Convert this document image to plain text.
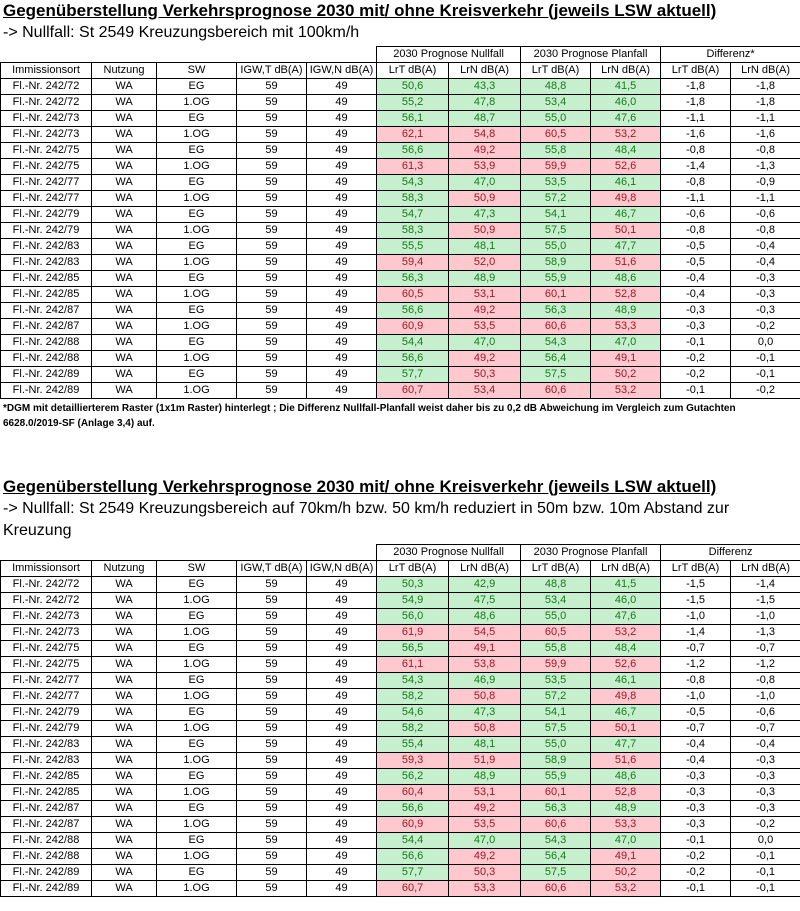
Gegenüberstellung Verkehrsprognose 2030 mit/ ohne Kreisverkehr (jeweils LSW aktuell)
-> Nullfall: St 2549 Kreuzungsbereich mit 100km/h
					2030 Prognose Nullfall		2030 Prognose Planfall		Differenz*	
Immissionsort	Nutzung	SW	IGW,T dB(A)	IGW,N dB(A)	LrT dB(A)	LrN dB(A)	LrT dB(A)	LrN dB(A)	LrT dB(A)	LrN dB(A)
Fl.-Nr. 242/72	WA	EG	59	49	50,6	43,3	48,8	41,5	-1,8	-1,8
Fl.-Nr. 242/72	WA	1.OG	59	49	55,2	47,8	53,4	46,0	-1,8	-1,8
Fl.-Nr. 242/73	WA	EG	59	49	56,1	48,7	55,0	47,6	-1,1	-1,1
Fl.-Nr. 242/73	WA	1.OG	59	49	62,1	54,8	60,5	53,2	-1,6	-1,6
Fl.-Nr. 242/75	WA	EG	59	49	56,6	49,2	55,8	48,4	-0,8	-0,8
Fl.-Nr. 242/75	WA	1.OG	59	49	61,3	53,9	59,9	52,6	-1,4	-1,3
Fl.-Nr. 242/77	WA	EG	59	49	54,3	47,0	53,5	46,1	-0,8	-0,9
Fl.-Nr. 242/77	WA	1.OG	59	49	58,3	50,9	57,2	49,8	-1,1	-1,1
Fl.-Nr. 242/79	WA	EG	59	49	54,7	47,3	54,1	46,7	-0,6	-0,6
Fl.-Nr. 242/79	WA	1.OG	59	49	58,3	50,9	57,5	50,1	-0,8	-0,8
Fl.-Nr. 242/83	WA	EG	59	49	55,5	48,1	55,0	47,7	-0,5	-0,4
Fl.-Nr. 242/83	WA	1.OG	59	49	59,4	52,0	58,9	51,6	-0,5	-0,4
Fl.-Nr. 242/85	WA	EG	59	49	56,3	48,9	55,9	48,6	-0,4	-0,3
Fl.-Nr. 242/85	WA	1.OG	59	49	60,5	53,1	60,1	52,8	-0,4	-0,3
Fl.-Nr. 242/87	WA	EG	59	49	56,6	49,2	56,3	48,9	-0,3	-0,3
Fl.-Nr. 242/87	WA	1.OG	59	49	60,9	53,5	60,6	53,3	-0,3	-0,2
Fl.-Nr. 242/88	WA	EG	59	49	54,4	47,0	54,3	47,0	-0,1	0,0
Fl.-Nr. 242/88	WA	1.OG	59	49	56,6	49,2	56,4	49,1	-0,2	-0,1
Fl.-Nr. 242/89	WA	EG	59	49	57,7	50,3	57,5	50,2	-0,2	-0,1
Fl.-Nr. 242/89	WA	1.OG	59	49	60,7	53,4	60,6	53,2	-0,1	-0,2
*DGM mit detaillierterem Raster (1x1m Raster) hinterlegt ; Die Differenz Nullfall-Planfall weist daher bis zu 0,2 dB Abweichung im Vergleich zum Gutachten 6628.0/2019-SF (Anlage 3,4) auf.
Gegenüberstellung Verkehrsprognose 2030 mit/ ohne Kreisverkehr (jeweils LSW aktuell)
-> Nullfall: St 2549 Kreuzungsbereich auf 70km/h bzw. 50 km/h reduziert in 50m bzw. 10m Abstand zur Kreuzung
					2030 Prognose Nullfall		2030 Prognose Planfall		Differenz	
Immissionsort	Nutzung	SW	IGW,T dB(A)	IGW,N dB(A)	LrT dB(A)	LrN dB(A)	LrT dB(A)	LrN dB(A)	LrT dB(A)	LrN dB(A)
Fl.-Nr. 242/72	WA	EG	59	49	50,3	42,9	48,8	41,5	-1,5	-1,4
Fl.-Nr. 242/72	WA	1.OG	59	49	54,9	47,5	53,4	46,0	-1,5	-1,5
Fl.-Nr. 242/73	WA	EG	59	49	56,0	48,6	55,0	47,6	-1,0	-1,0
Fl.-Nr. 242/73	WA	1.OG	59	49	61,9	54,5	60,5	53,2	-1,4	-1,3
Fl.-Nr. 242/75	WA	EG	59	49	56,5	49,1	55,8	48,4	-0,7	-0,7
Fl.-Nr. 242/75	WA	1.OG	59	49	61,1	53,8	59,9	52,6	-1,2	-1,2
Fl.-Nr. 242/77	WA	EG	59	49	54,3	46,9	53,5	46,1	-0,8	-0,8
Fl.-Nr. 242/77	WA	1.OG	59	49	58,2	50,8	57,2	49,8	-1,0	-1,0
Fl.-Nr. 242/79	WA	EG	59	49	54,6	47,3	54,1	46,7	-0,5	-0,6
Fl.-Nr. 242/79	WA	1.OG	59	49	58,2	50,8	57,5	50,1	-0,7	-0,7
Fl.-Nr. 242/83	WA	EG	59	49	55,4	48,1	55,0	47,7	-0,4	-0,4
Fl.-Nr. 242/83	WA	1.OG	59	49	59,3	51,9	58,9	51,6	-0,4	-0,3
Fl.-Nr. 242/85	WA	EG	59	49	56,2	48,9	55,9	48,6	-0,3	-0,3
Fl.-Nr. 242/85	WA	1.OG	59	49	60,4	53,1	60,1	52,8	-0,3	-0,3
Fl.-Nr. 242/87	WA	EG	59	49	56,6	49,2	56,3	48,9	-0,3	-0,3
Fl.-Nr. 242/87	WA	1.OG	59	49	60,9	53,5	60,6	53,3	-0,3	-0,2
Fl.-Nr. 242/88	WA	EG	59	49	54,4	47,0	54,3	47,0	-0,1	0,0
Fl.-Nr. 242/88	WA	1.OG	59	49	56,6	49,2	56,4	49,1	-0,2	-0,1
Fl.-Nr. 242/89	WA	EG	59	49	57,7	50,3	57,5	50,2	-0,2	-0,1
Fl.-Nr. 242/89	WA	1.OG	59	49	60,7	53,3	60,6	53,2	-0,1	-0,1
